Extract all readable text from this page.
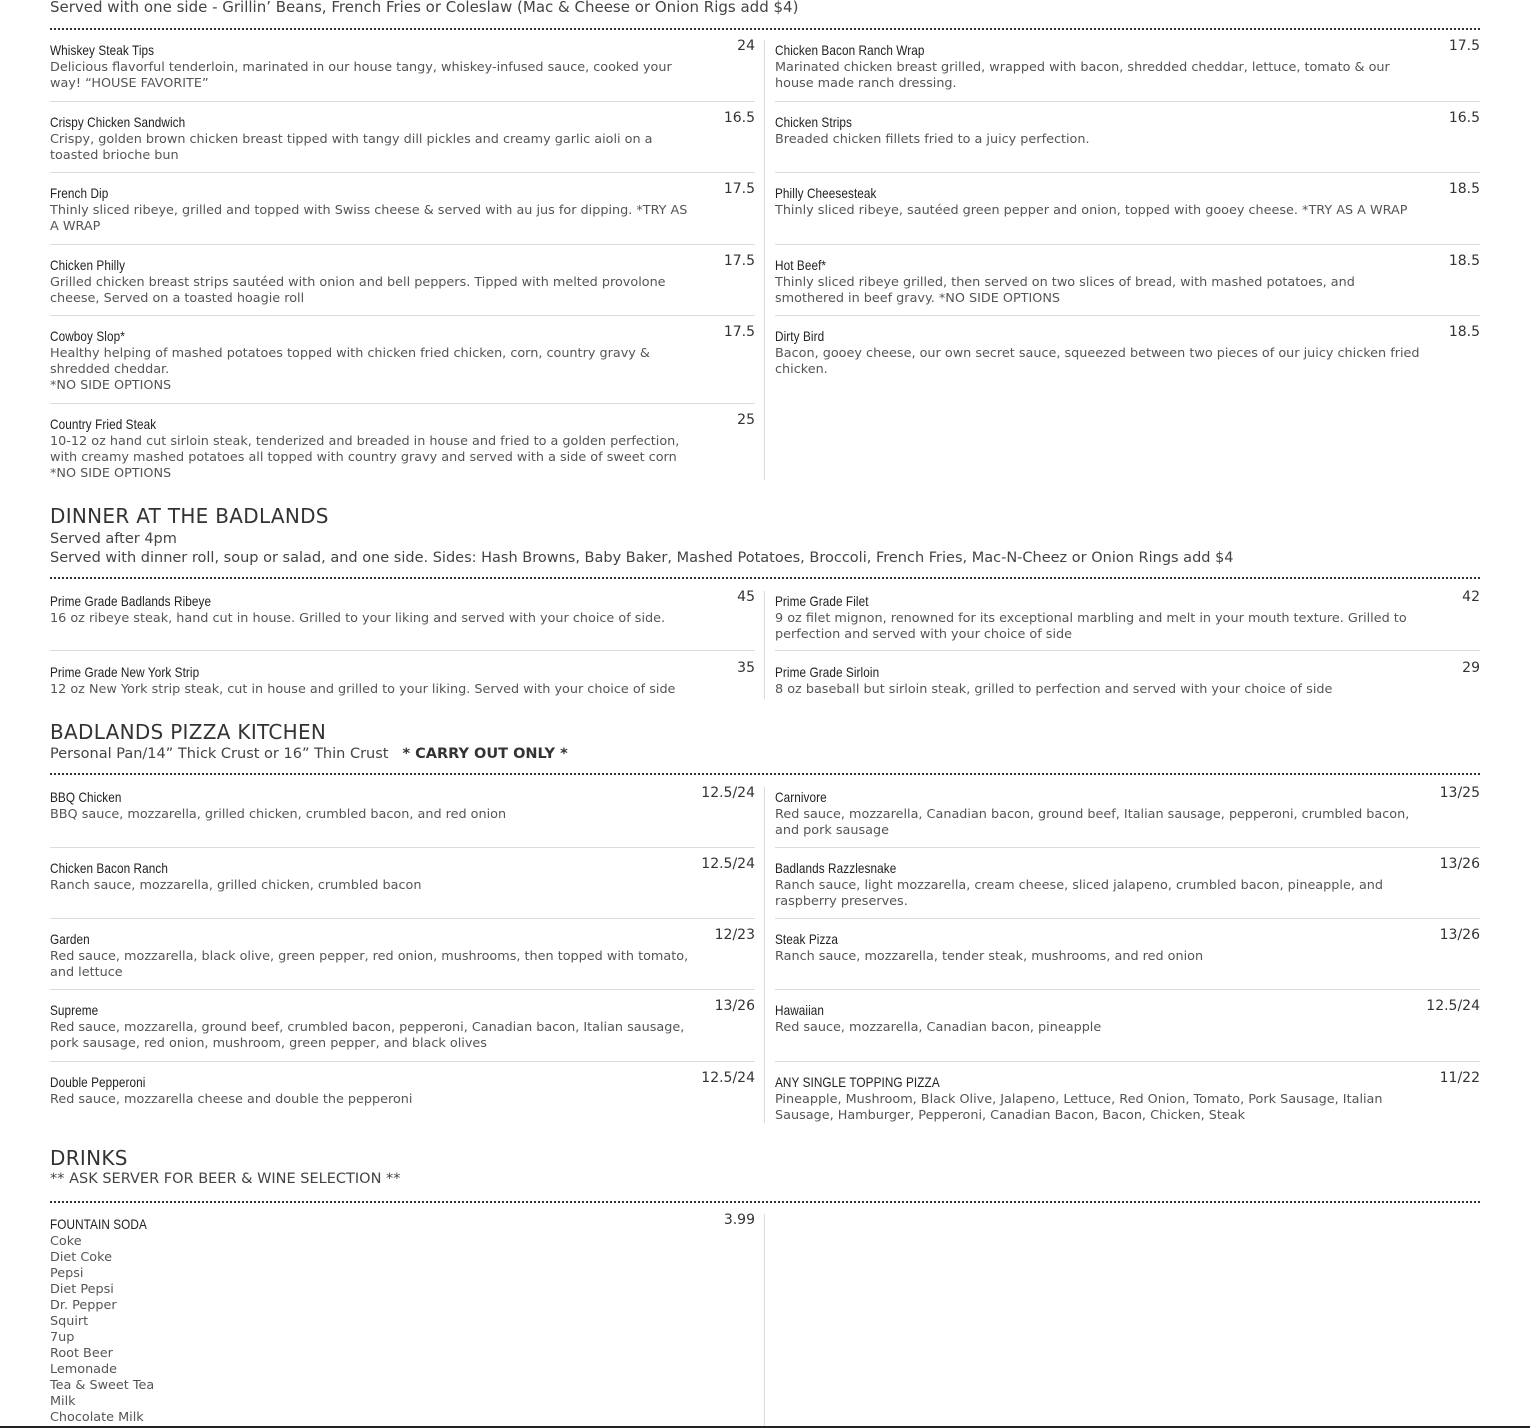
Served with one side - Grillin’ Beans, French Fries or Coleslaw (Mac & Cheese or Onion Rigs add $4)
Whiskey Steak Tips	24
Delicious flavorful tenderloin, marinated in our house tangy, whiskey-infused sauce, cooked your way! “HOUSE FAVORITE”
Crispy Chicken Sandwich	16.5
Crispy, golden brown chicken breast tipped with tangy dill pickles and creamy garlic aioli on a toasted brioche bun
French Dip	17.5
Thinly sliced ribeye, grilled and topped with Swiss cheese & served with au jus for dipping. *TRY AS A WRAP
Chicken Philly	17.5
Grilled chicken breast strips sautéed with onion and bell peppers. Tipped with melted provolone cheese, Served on a toasted hoagie roll
Cowboy Slop*	17.5
Healthy helping of mashed potatoes topped with chicken fried chicken, corn, country gravy & shredded cheddar.
*NO SIDE OPTIONS
Country Fried Steak	25
10-12 oz hand cut sirloin steak, tenderized and breaded in house and fried to a golden perfection, with creamy mashed potatoes all topped with country gravy and served with a side of sweet corn
*NO SIDE OPTIONS
Chicken Bacon Ranch Wrap	17.5
Marinated chicken breast grilled, wrapped with bacon, shredded cheddar, lettuce, tomato & our house made ranch dressing.
Chicken Strips	16.5
Breaded chicken fillets fried to a juicy perfection.
Philly Cheesesteak	18.5
Thinly sliced ribeye, sautéed green pepper and onion, topped with gooey cheese. *TRY AS A WRAP
Hot Beef*	18.5
Thinly sliced ribeye grilled, then served on two slices of bread, with mashed potatoes, and smothered in beef gravy. *NO SIDE OPTIONS
Dirty Bird	18.5
Bacon, gooey cheese, our own secret sauce, squeezed between two pieces of our juicy chicken fried chicken.
DINNER AT THE BADLANDS
Served after 4pm
Served with dinner roll, soup or salad, and one side. Sides: Hash Browns, Baby Baker, Mashed Potatoes, Broccoli, French Fries, Mac-N-Cheez or Onion Rings add $4
Prime Grade Badlands Ribeye	45
16 oz ribeye steak, hand cut in house. Grilled to your liking and served with your choice of side.
Prime Grade New York Strip	35
12 oz New York strip steak, cut in house and grilled to your liking. Served with your choice of side
Prime Grade Filet	42
9 oz filet mignon, renowned for its exceptional marbling and melt in your mouth texture. Grilled to perfection and served with your choice of side
Prime Grade Sirloin	29
8 oz baseball but sirloin steak, grilled to perfection and served with your choice of side
BADLANDS PIZZA KITCHEN
Personal Pan/14” Thick Crust or 16” Thin Crust * CARRY OUT ONLY *
BBQ Chicken	12.5/24
BBQ sauce, mozzarella, grilled chicken, crumbled bacon, and red onion
Chicken Bacon Ranch	12.5/24
Ranch sauce, mozzarella, grilled chicken, crumbled bacon
Garden	12/23
Red sauce, mozzarella, black olive, green pepper, red onion, mushrooms, then topped with tomato, and lettuce
Supreme	13/26
Red sauce, mozzarella, ground beef, crumbled bacon, pepperoni, Canadian bacon, Italian sausage, pork sausage, red onion, mushroom, green pepper, and black olives
Double Pepperoni	12.5/24
Red sauce, mozzarella cheese and double the pepperoni
Carnivore	13/25
Red sauce, mozzarella, Canadian bacon, ground beef, Italian sausage, pepperoni, crumbled bacon, and pork sausage
Badlands Razzlesnake	13/26
Ranch sauce, light mozzarella, cream cheese, sliced jalapeno, crumbled bacon, pineapple, and raspberry preserves.
Steak Pizza	13/26
Ranch sauce, mozzarella, tender steak, mushrooms, and red onion
Hawaiian	12.5/24
Red sauce, mozzarella, Canadian bacon, pineapple
ANY SINGLE TOPPING PIZZA	11/22
Pineapple, Mushroom, Black Olive, Jalapeno, Lettuce, Red Onion, Tomato, Pork Sausage, Italian Sausage, Hamburger, Pepperoni, Canadian Bacon, Bacon, Chicken, Steak
DRINKS
** ASK SERVER FOR BEER & WINE SELECTION **
FOUNTAIN SODA	3.99
Coke
Diet Coke
Pepsi
Diet Pepsi
Dr. Pepper
Squirt
7up
Root Beer
Lemonade
Tea & Sweet Tea
Milk
Chocolate Milk
